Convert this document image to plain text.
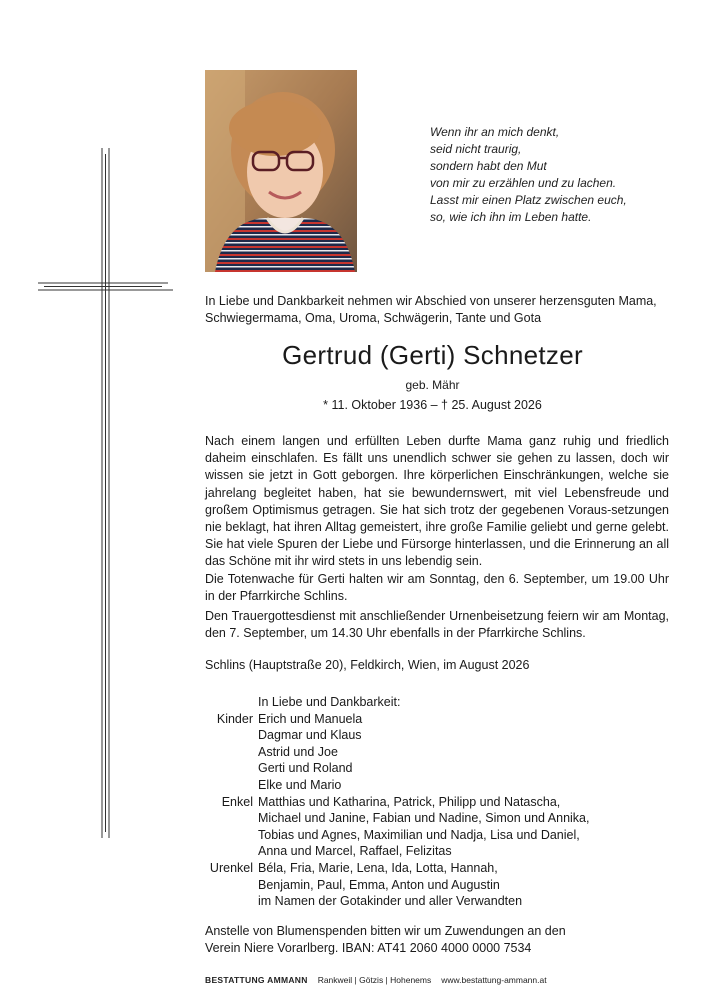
Wenn ihr an mich denkt,
seid nicht traurig,
sondern habt den Mut
von mir zu erzählen und zu lachen.
Lasst mir einen Platz zwischen euch,
so, wie ich ihn im Leben hatte.
In Liebe und Dankbarkeit nehmen wir Abschied von unserer herzensguten Mama,
Schwiegermama, Oma, Uroma, Schwägerin, Tante und Gota
Gertrud (Gerti) Schnetzer
geb. Mähr
* 11. Oktober 1936 – † 25. August 2026
Nach einem langen und erfüllten Leben durfte Mama ganz ruhig und friedlich daheim einschlafen. Es fällt uns unendlich schwer sie gehen zu lassen, doch wir wissen sie jetzt in Gott geborgen. Ihre körperlichen Einschränkungen, welche sie jahrelang begleitet haben, hat sie bewundernswert, mit viel Lebensfreude und großem Optimismus getragen. Sie hat sich trotz der gegebenen Voraus-setzungen nie beklagt, hat ihren Alltag gemeistert, ihre große Familie geliebt und gerne gelebt. Sie hat viele Spuren der Liebe und Fürsorge hinterlassen, und die Erinnerung an all das Schöne mit ihr wird stets in uns lebendig sein.
Die Totenwache für Gerti halten wir am Sonntag, den 6. September, um 19.00 Uhr in der Pfarrkirche Schlins.
Den Trauergottesdienst mit anschließender Urnenbeisetzung feiern wir am Montag, den 7. September, um 14.30 Uhr ebenfalls in der Pfarrkirche Schlins.
Schlins (Hauptstraße 20), Feldkirch, Wien, im August 2026
In Liebe und Dankbarkeit:
Kinder Erich und Manuela
Dagmar und Klaus
Astrid und Joe
Gerti und Roland
Elke und Mario
Enkel Matthias und Katharina, Patrick, Philipp und Natascha,
Michael und Janine, Fabian und Nadine, Simon und Annika,
Tobias und Agnes, Maximilian und Nadja, Lisa und Daniel,
Anna und Marcel, Raffael, Felizitas
Urenkel Béla, Fria, Marie, Lena, Ida, Lotta, Hannah,
Benjamin, Paul, Emma, Anton und Augustin
im Namen der Gotakinder und aller Verwandten
Anstelle von Blumenspenden bitten wir um Zuwendungen an den
Verein Niere Vorarlberg. IBAN: AT41 2060 4000 0000 7534
BESTATTUNG AMMANN Rankweil | Götzis | Hohenems www.bestattung-ammann.at
